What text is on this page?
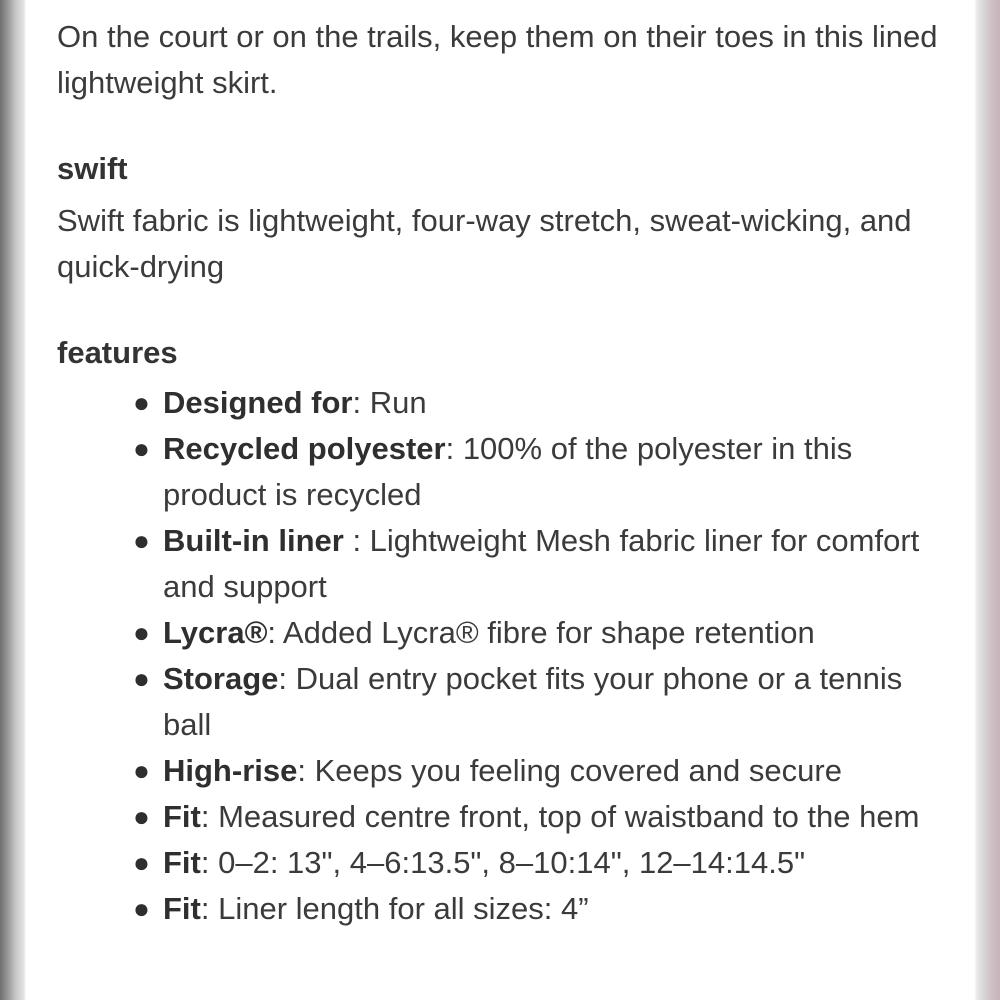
On the court or on the trails, keep them on their toes in this lined lightweight skirt.

swift

Swift fabric is lightweight, four-way stretch, sweat-wicking, and quick-drying

features

● Designed for: Run
● Recycled polyester: 100% of the polyester in this product is recycled
● Built-in liner : Lightweight Mesh fabric liner for comfort and support
● Lycra®: Added Lycra® fibre for shape retention
● Storage: Dual entry pocket fits your phone or a tennis ball
● High-rise: Keeps you feeling covered and secure
● Fit: Measured centre front, top of waistband to the hem
● Fit: 0–2: 13", 4–6:13.5", 8–10:14", 12–14:14.5"
● Fit: Liner length for all sizes: 4”
